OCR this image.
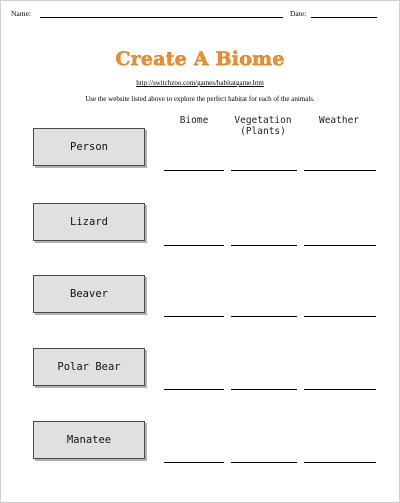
Name:	Date:
Create A Biome
http://switchzoo.com/games/habitatgame.htm
Use the website listed above to explore the perfect habitat for each of the animals.
Biome	Vegetation
(Plants)
Weather
Person
Lizard
Beaver
Polar Bear
Manatee
